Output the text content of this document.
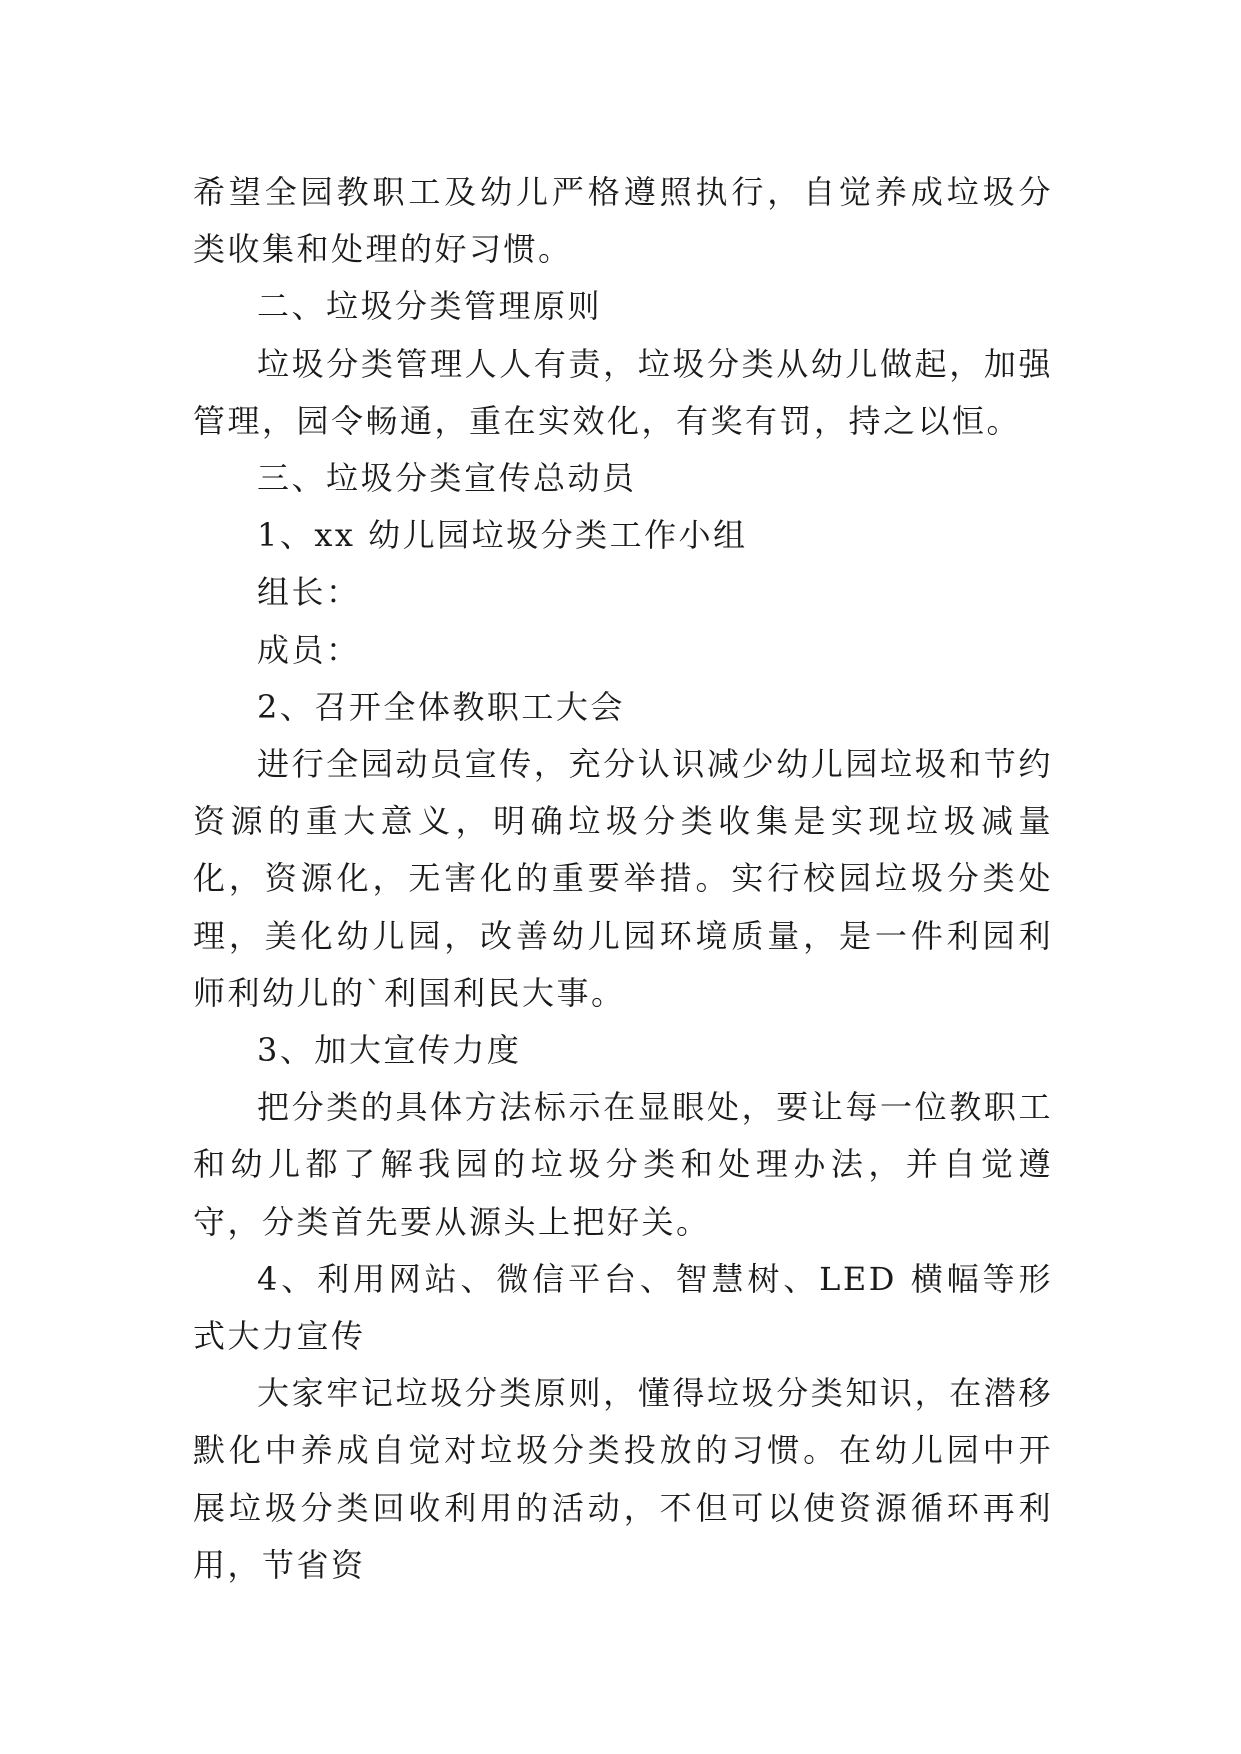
希望全园教职工及幼儿严格遵照执行，自觉养成垃圾分类收集和处理的好习惯。

二、垃圾分类管理原则

垃圾分类管理人人有责，垃圾分类从幼儿做起，加强管理，园令畅通，重在实效化，有奖有罚，持之以恒。

三、垃圾分类宣传总动员

1、xx 幼儿园垃圾分类工作小组

组长：

成员：

2、召开全体教职工大会

进行全园动员宣传，充分认识减少幼儿园垃圾和节约资源的重大意义，明确垃圾分类收集是实现垃圾减量化，资源化，无害化的重要举措。实行校园垃圾分类处理，美化幼儿园，改善幼儿园环境质量，是一件利园利师利幼儿的`利国利民大事。

3、加大宣传力度

把分类的具体方法标示在显眼处，要让每一位教职工和幼儿都了解我园的垃圾分类和处理办法，并自觉遵守，分类首先要从源头上把好关。

4、利用网站、微信平台、智慧树、LED 横幅等形式大力宣传

大家牢记垃圾分类原则，懂得垃圾分类知识，在潜移默化中养成自觉对垃圾分类投放的习惯。在幼儿园中开展垃圾分类回收利用的活动，不但可以使资源循环再利用，节省资
